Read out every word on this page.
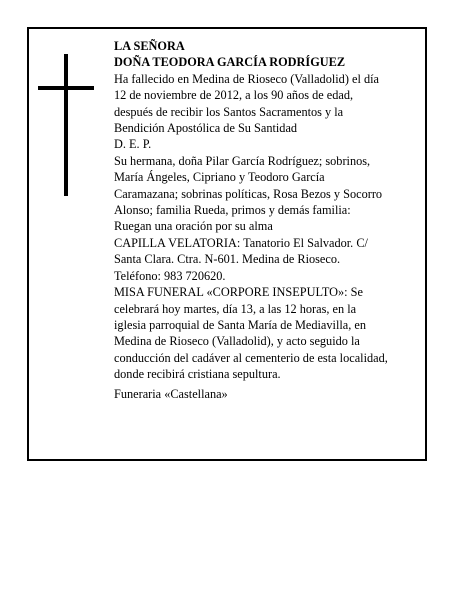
LA SEÑORA

DOÑA TEODORA GARCÍA RODRÍGUEZ

Ha fallecido en Medina de Rioseco (Valladolid) el día
12 de noviembre de 2012, a los 90 años de edad,
después de recibir los Santos Sacramentos y la
Bendición Apostólica de Su Santidad

D. E. P.

Su hermana, doña Pilar García Rodríguez; sobrinos,
María Ángeles, Cipriano y Teodoro García
Caramazana; sobrinas políticas, Rosa Bezos y Socorro
Alonso; familia Rueda, primos y demás familia:

Ruegan una oración por su alma

CAPILLA VELATORIA: Tanatorio El Salvador. C/
Santa Clara. Ctra. N-601. Medina de Rioseco.
Teléfono: 983 720620.

MISA FUNERAL «CORPORE INSEPULTO»: Se
celebrará hoy martes, día 13, a las 12 horas, en la
iglesia parroquial de Santa María de Mediavilla, en
Medina de Rioseco (Valladolid), y acto seguido la
conducción del cadáver al cementerio de esta localidad,
donde recibirá cristiana sepultura.

Funeraria «Castellana»
